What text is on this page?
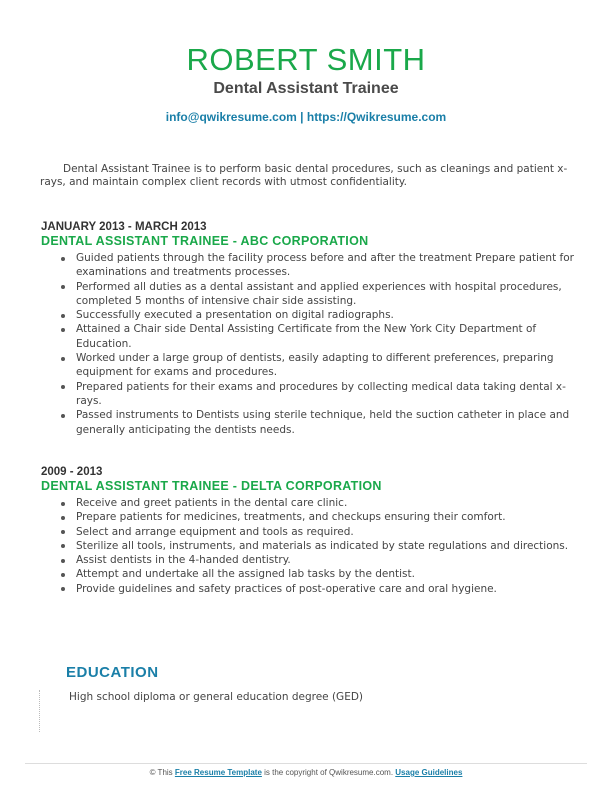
ROBERT SMITH
Dental Assistant Trainee
info@qwikresume.com | https://Qwikresume.com
Dental Assistant Trainee is to perform basic dental procedures, such as cleanings and patient x-rays, and maintain complex client records with utmost confidentiality.
JANUARY 2013 - MARCH 2013
DENTAL ASSISTANT TRAINEE - ABC CORPORATION
Guided patients through the facility process before and after the treatment Prepare patient for examinations and treatments processes.
Performed all duties as a dental assistant and applied experiences with hospital procedures, completed 5 months of intensive chair side assisting.
Successfully executed a presentation on digital radiographs.
Attained a Chair side Dental Assisting Certificate from the New York City Department of Education.
Worked under a large group of dentists, easily adapting to different preferences, preparing equipment for exams and procedures.
Prepared patients for their exams and procedures by collecting medical data taking dental x-rays.
Passed instruments to Dentists using sterile technique, held the suction catheter in place and generally anticipating the dentists needs.
2009 - 2013
DENTAL ASSISTANT TRAINEE - DELTA CORPORATION
Receive and greet patients in the dental care clinic.
Prepare patients for medicines, treatments, and checkups ensuring their comfort.
Select and arrange equipment and tools as required.
Sterilize all tools, instruments, and materials as indicated by state regulations and directions.
Assist dentists in the 4-handed dentistry.
Attempt and undertake all the assigned lab tasks by the dentist.
Provide guidelines and safety practices of post-operative care and oral hygiene.
EDUCATION
High school diploma or general education degree (GED)
© This Free Resume Template is the copyright of Qwikresume.com. Usage Guidelines
